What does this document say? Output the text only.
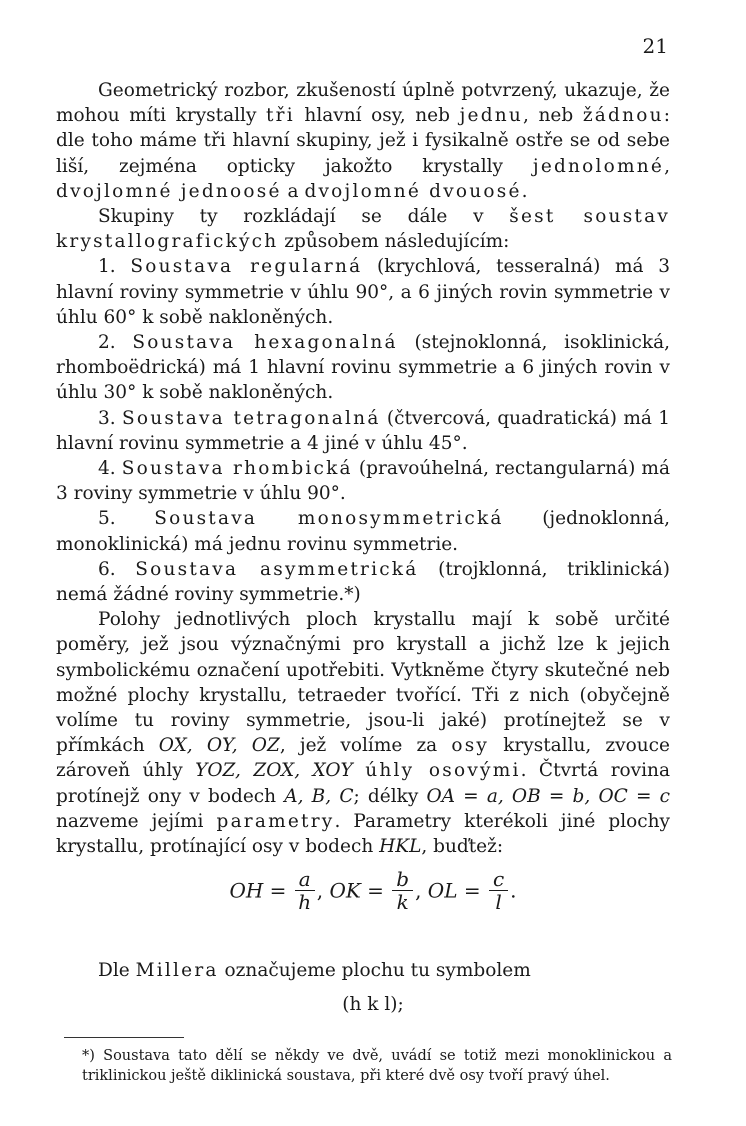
21

Geometrický rozbor, zkušeností úplně potvrzený, ukazuje, že mohou míti krystally tři hlavní osy, neb jednu, neb žádnou: dle toho máme tři hlavní skupiny, jež i fysikalně ostře se od sebe liší, zejména opticky jakožto krystally jednolomné, dvojlomné jednoosé a dvojlomné dvouosé.

Skupiny ty rozkládají se dále v šest soustav krystallografických způsobem následujícím:

1. Soustava regularná (krychlová, tesseralná) má 3 hlavní roviny symmetrie v úhlu 90°, a 6 jiných rovin symmetrie v úhlu 60° k sobě nakloněných.

2. Soustava hexagonalná (stejnoklonná, isoklinická, rhomboëdrická) má 1 hlavní rovinu symmetrie a 6 jiných rovin v úhlu 30° k sobě nakloněných.

3. Soustava tetragonalná (čtvercová, quadratická) má 1 hlavní rovinu symmetrie a 4 jiné v úhlu 45°.

4. Soustava rhombická (pravoúhelná, rectangularná) má 3 roviny symmetrie v úhlu 90°.

5. Soustava monosymmetrická (jednoklonná, monoklinická) má jednu rovinu symmetrie.

6. Soustava asymmetrická (trojklonná, triklinická) nemá žádné roviny symmetrie.*)

Polohy jednotlivých ploch krystallu mají k sobě určité poměry, jež jsou význačnými pro krystall a jichž lze k jejich symbolickému označení upotřebiti. Vytkněme čtyry skutečné neb možné plochy krystallu, tetraeder tvořící. Tři z nich (obyčejně volíme tu roviny symmetrie, jsou-li jaké) protínejtež se v přímkách OX, OY, OZ, jež volíme za osy krystallu, zvouce zároveň úhly YOZ, ZOX, XOY úhly osovými. Čtvrtá rovina protínejž ony v bodech A, B, C; délky OA = a, OB = b, OC = c nazveme jejími parametry. Parametry kterékoli jiné plochy krystallu, protínající osy v bodech HKL, buďtež:

OH = $\frac{a}{h}$ , OK = $\frac{b}{k}$ , OL = $\frac{c}{l}$ .
Dle Millera označujeme plochu tu symbolem
(h k l);
*) Soustava tato dělí se někdy ve dvě, uvádí se totiž mezi monoklinickou a triklinickou ještě diklinická soustava, při které dvě osy tvoří pravý úhel.
